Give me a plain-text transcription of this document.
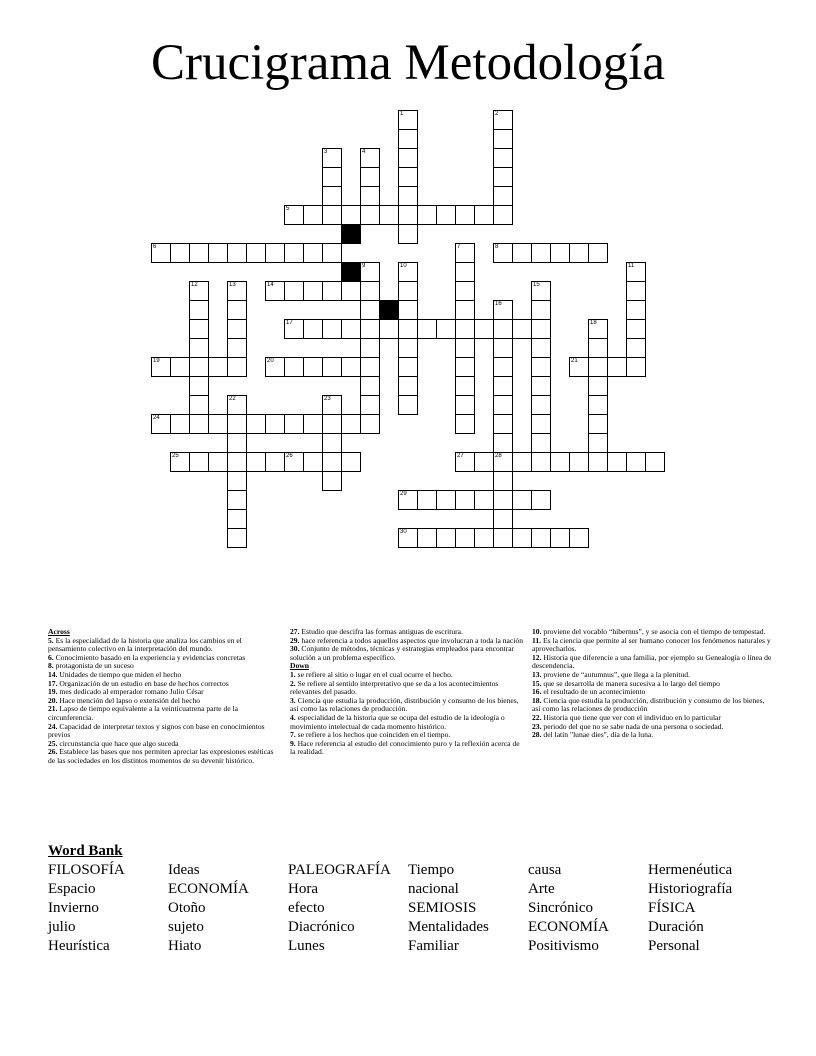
Crucigrama Metodología
5
6	8
14
17
19	20	21
24
25	26	27	28
29
30
1	2
3	4
7
9	10	11
12	13	15
16
18
22	23
Across
5. Es la especialidad de la historia que analiza los cambios en el pensamiento colectivo en la interpretación del mundo.
6. Conocimiento basado en la experiencia y evidencias concretas
8. protagonista de un suceso
14. Unidades de tiempo que miden el hecho
17. Organización de un estudio en base de hechos correctos
19. mes dedicado al emperador romano Julio César
20. Hace mención del lapso o extensión del hecho
21. Lapso de tiempo equivalente a la veinticuatrena parte de la circunferencia.
24. Capacidad de interpretar textos y signos con base en conocimientos previos
25. circunstancia que hace que algo suceda
26. Establece las bases que nos permiten apreciar las expresiones estéticas de las sociedades en los distintos momentos de su devenir histórico.
27. Estudio que descifra las formas antiguas de escritura.
29. hace referencia a todos aquellos aspectos que involucran a toda la nación
30. Conjunto de métodos, técnicas y estrategias empleados para encontrar solución a un problema específico.
Down
1. se refiere al sitio o lugar en el cual ocurre el hecho.
2. Se refiere al sentido interpretativo que se da a los acontecimientos relevantes del pasado.
3. Ciencia que estudia la producción, distribución y consumo de los bienes, así como las relaciones de producción.
4. especialidad de la historia que se ocupa del estudio de la ideología o movimiento intelectual de cada momento histórico.
7. se refiere a los hechos que coinciden en el tiempo.
9. Hace referencia al estudio del conocimiento puro y la reflexión acerca de la realidad.
10. proviene del vocablo “hibernus”, y se asocia con el tiempo de tempestad.
11. Es la ciencia que permite al ser humano conocer los fenómenos naturales y aprovecharlos.
12. Historia que diferencie a una familia, por ejemplo su Genealogía o línea de descendencia.
13. proviene de “autumnus”, que llega a la plenitud.
15. que se desarrolla de manera sucesiva a lo largo del tiempo
16. el resultado de un acontecimiento
18. Ciencia que estudia la producción, distribución y consumo de los bienes, así como las relaciones de producción
22. Historia que tiene que ver con el individuo en lo particular
23. periodo del que no se sabe nada de una persona o sociedad.
28. del latín "lunae dies", día de la luna.
Word Bank
FILOSOFÍA	Ideas	PALEOGRAFÍA	Tiempo	causa	Hermenéutica
Espacio	ECONOMÍA	Hora	nacional	Arte	Historiografía
Invierno	Otoño	efecto	SEMIOSIS	Sincrónico	FÍSICA
julio	sujeto	Diacrónico	Mentalidades	ECONOMÍA	Duración
Heurística	Hiato	Lunes	Familiar	Positivismo	Personal
